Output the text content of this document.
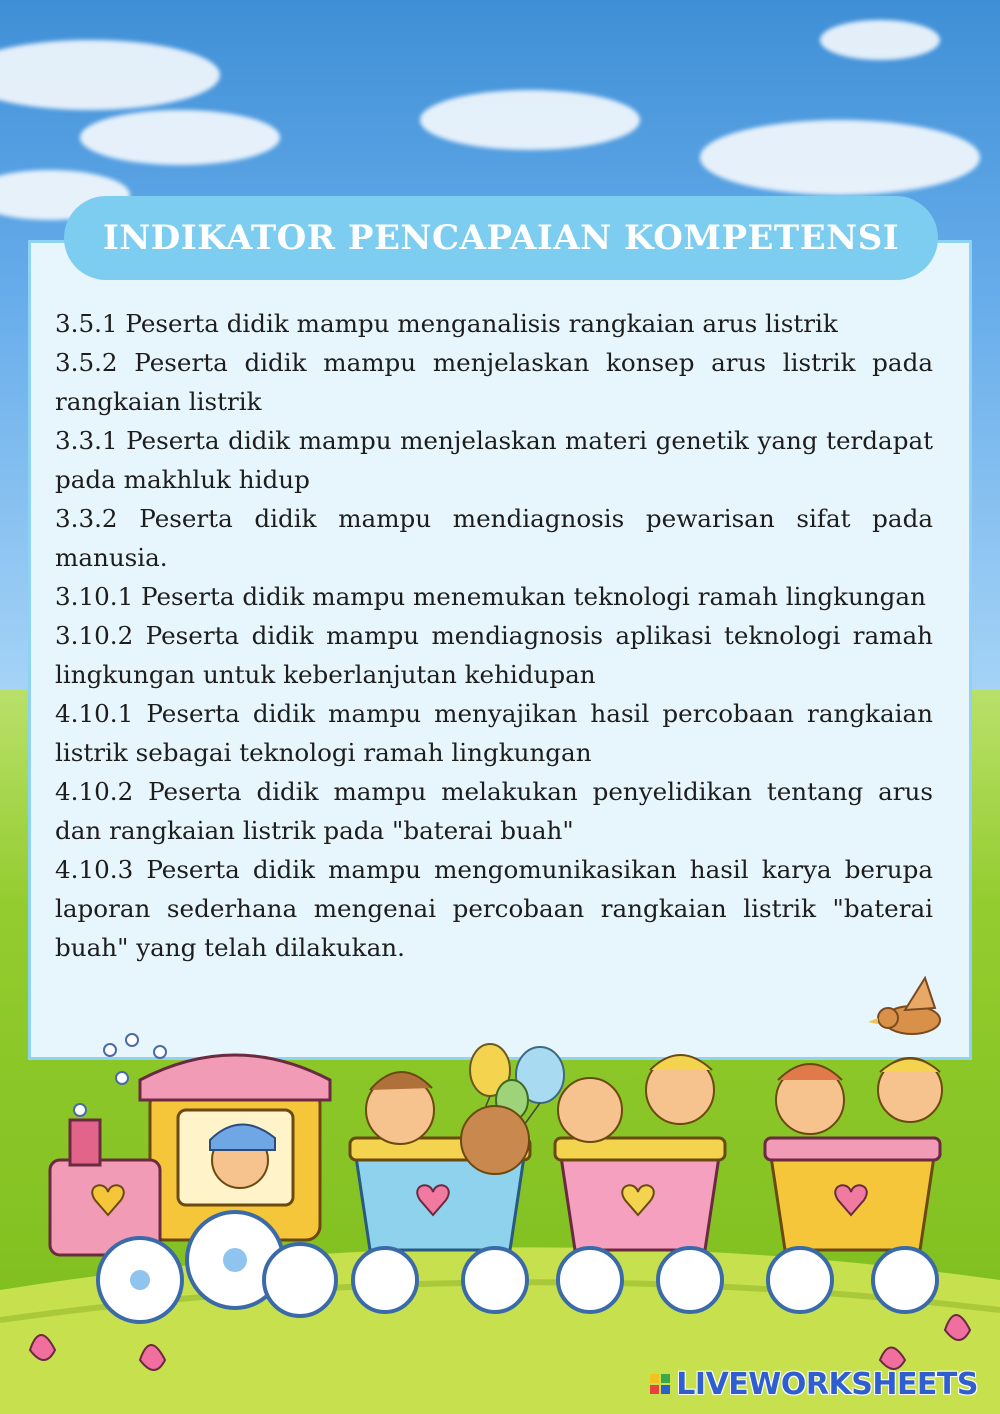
INDIKATOR PENCAPAIAN KOMPETENSI
3.5.1 Peserta didik mampu menganalisis rangkaian arus listrik
3.5.2 Peserta didik mampu menjelaskan konsep arus listrik pada rangkaian listrik
3.3.1 Peserta didik mampu menjelaskan materi genetik yang terdapat pada makhluk hidup
3.3.2 Peserta didik mampu mendiagnosis pewarisan sifat pada manusia.
3.10.1 Peserta didik mampu menemukan teknologi ramah lingkungan
3.10.2 Peserta didik mampu mendiagnosis aplikasi teknologi ramah lingkungan untuk keberlanjutan kehidupan
4.10.1 Peserta didik mampu menyajikan hasil percobaan rangkaian listrik sebagai teknologi ramah lingkungan
4.10.2 Peserta didik mampu melakukan penyelidikan tentang arus dan rangkaian listrik pada "baterai buah"
4.10.3 Peserta didik mampu mengomunikasikan hasil karya berupa laporan sederhana mengenai percobaan rangkaian listrik "baterai buah" yang telah dilakukan.
LIVEWORKSHEETS
